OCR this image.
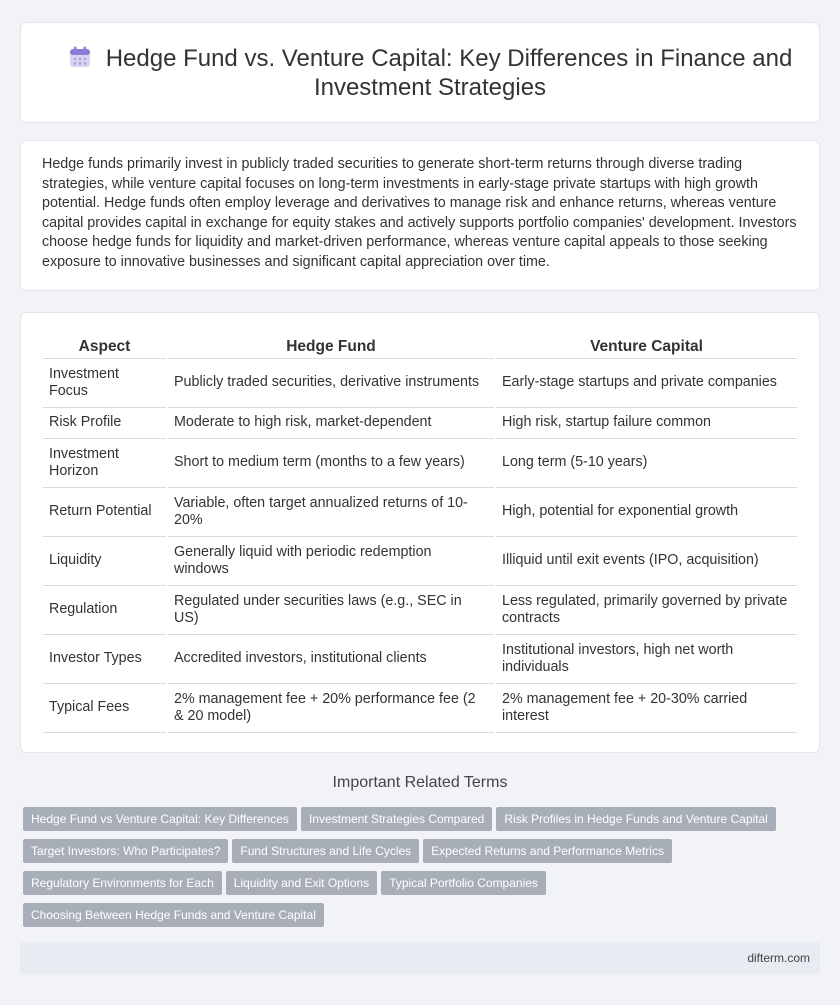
Hedge Fund vs. Venture Capital: Key Differences in Finance and Investment Strategies

Hedge funds primarily invest in publicly traded securities to generate short-term returns through diverse trading strategies, while venture capital focuses on long-term investments in early-stage private startups with high growth potential. Hedge funds often employ leverage and derivatives to manage risk and enhance returns, whereas venture capital provides capital in exchange for equity stakes and actively supports portfolio companies' development. Investors choose hedge funds for liquidity and market-driven performance, whereas venture capital appeals to those seeking exposure to innovative businesses and significant capital appreciation over time.

Aspect	Hedge Fund	Venture Capital
Investment Focus	Publicly traded securities, derivative instruments	Early-stage startups and private companies
Risk Profile	Moderate to high risk, market-dependent	High risk, startup failure common
Investment Horizon	Short to medium term (months to a few years)	Long term (5-10 years)
Return Potential	Variable, often target annualized returns of 10-20%	High, potential for exponential growth
Liquidity	Generally liquid with periodic redemption windows	Illiquid until exit events (IPO, acquisition)
Regulation	Regulated under securities laws (e.g., SEC in US)	Less regulated, primarily governed by private contracts
Investor Types	Accredited investors, institutional clients	Institutional investors, high net worth individuals
Typical Fees	2% management fee + 20% performance fee (2 & 20 model)	2% management fee + 20-30% carried interest
Important Related Terms
Hedge Fund vs Venture Capital: Key Differences Investment Strategies Compared Risk Profiles in Hedge Funds and Venture CapitalTarget Investors: Who Participates? Fund Structures and Life Cycles Expected Returns and Performance MetricsRegulatory Environments for Each Liquidity and Exit Options Typical Portfolio CompaniesChoosing Between Hedge Funds and Venture Capital
difterm.com
